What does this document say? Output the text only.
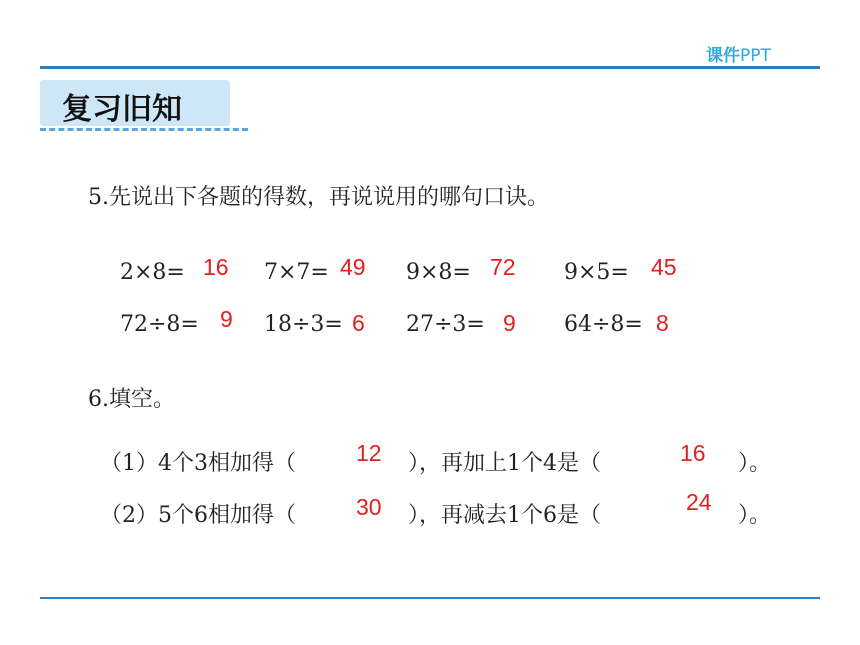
课件PPT
复习旧知
5.先说出下各题的得数，再说说用的哪句口诀。
2×8= 16 7×7= 49 9×8= 72 9×5= 45
72÷8= 9 18÷3= 6 27÷3= 9 64÷8= 8
6.填空。
（1）4个3相加得（	12 ），再加上1个4是（	16 ）。
（2）5个6相加得（	30 ），再减去1个6是（
24
）。
